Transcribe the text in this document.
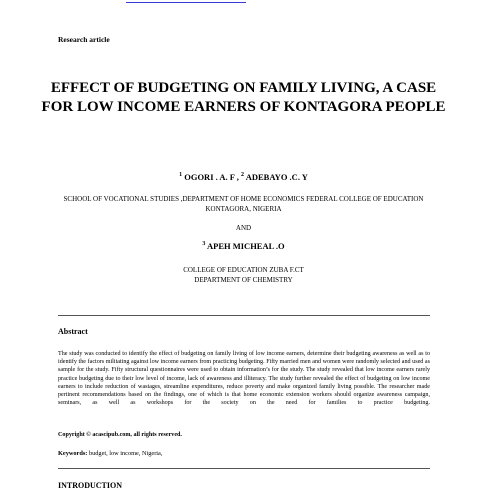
Research article
EFFECT OF BUDGETING ON FAMILY LIVING, A CASE FOR LOW INCOME EARNERS OF KONTAGORA PEOPLE
$^1$ OGORI . A. F , $^2$ ADEBAYO .C. Y
SCHOOL OF VOCATIONAL STUDIES ,DEPARTMENT OF HOME ECONOMICS FEDERAL COLLEGE OF EDUCATION KONTAGORA, NIGERIA
AND
$^3$ APEH MICHEAL .O
COLLEGE OF EDUCATION ZUBA F.CT
DEPARTMENT OF CHEMISTRY
Abstract
The study was conducted to identify the effect of budgeting on family living of low income earners, determine their budgeting awareness as well as to identify the factors militating against low income earners from practicing budgeting. Fifty married men and women were randomly selected and used as sample for the study. Fifty structural questionnaires were used to obtain information’s for the study. The study revealed that low income earners rarely practice budgeting due to their low level of income, lack of awareness and illiteracy. The study further revealed the effect of budgeting on low income earners to include reduction of wastages, streamline expenditures, reduce poverty and make organized family living possible. The researcher made pertinent recommendations based on the findings, one of which is that home economic extension workers should organize awareness campaign, seminars, as well as workshops for the society on the need for families to practice budgeting.
Copyright © acascipub.com, all rights reserved.
Keywords: budget, low income, Nigeria,
INTRODUCTION
